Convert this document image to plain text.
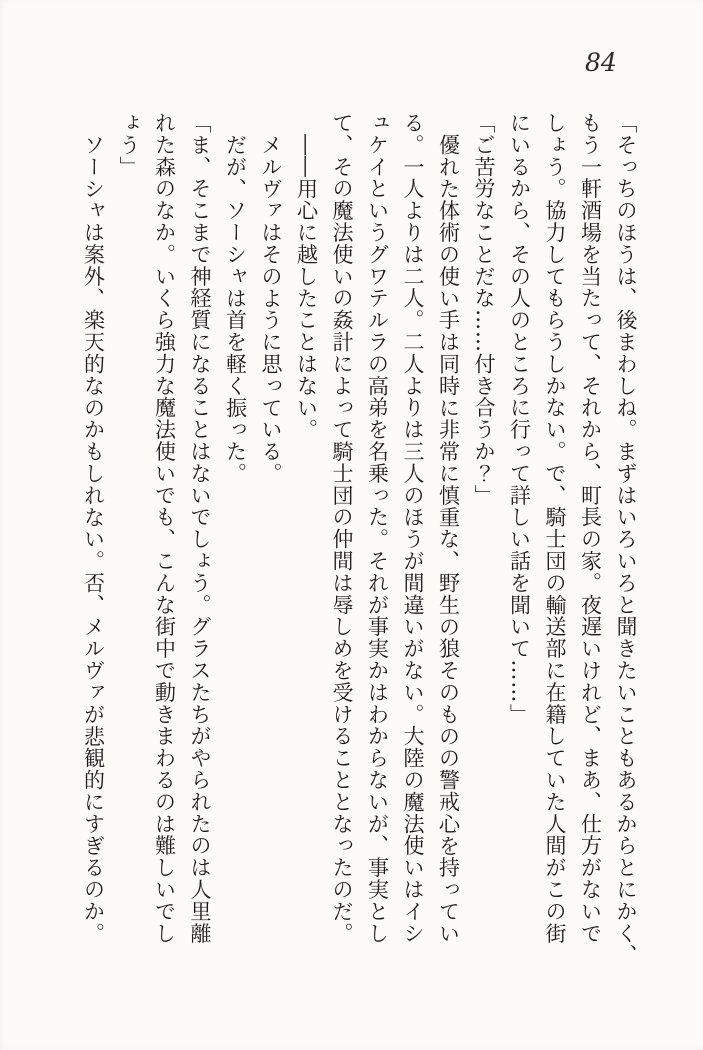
84
「そっちのほうは、後まわしね。まずはいろいろと聞きたいこともあるからとにかく、
もう一軒酒場を当たって、それから、町長の家。夜遅いけれど、まあ、仕方がないで
しょう。協力してもらうしかない。で、騎士団の輸送部に在籍していた人間がこの街
にいるから、その人のところに行って詳しい話を聞いて……」
「ご苦労なことだな……付き合うか？」
優れた体術の使い手は同時に非常に慎重な、野生の狼そのものの警戒心を持ってい
る。一人よりは二人。二人よりは三人のほうが間違いがない。大陸の魔法使いはイシ
ュケイというグワテルラの高弟を名乗った。それが事実かはわからないが、事実とし
て、その魔法使いの姦計によって騎士団の仲間は辱しめを受けることとなったのだ。
――用心に越したことはない。
メルヴァはそのように思っている。
だが、ソーシャは首を軽く振った。
「ま、そこまで神経質になることはないでしょう。グラスたちがやられたのは人里離
れた森のなか。いくら強力な魔法使いでも、こんな街中で動きまわるのは難しいでし
ょう」
ソーシャは案外、楽天的なのかもしれない。否、メルヴァが悲観的にすぎるのか。
